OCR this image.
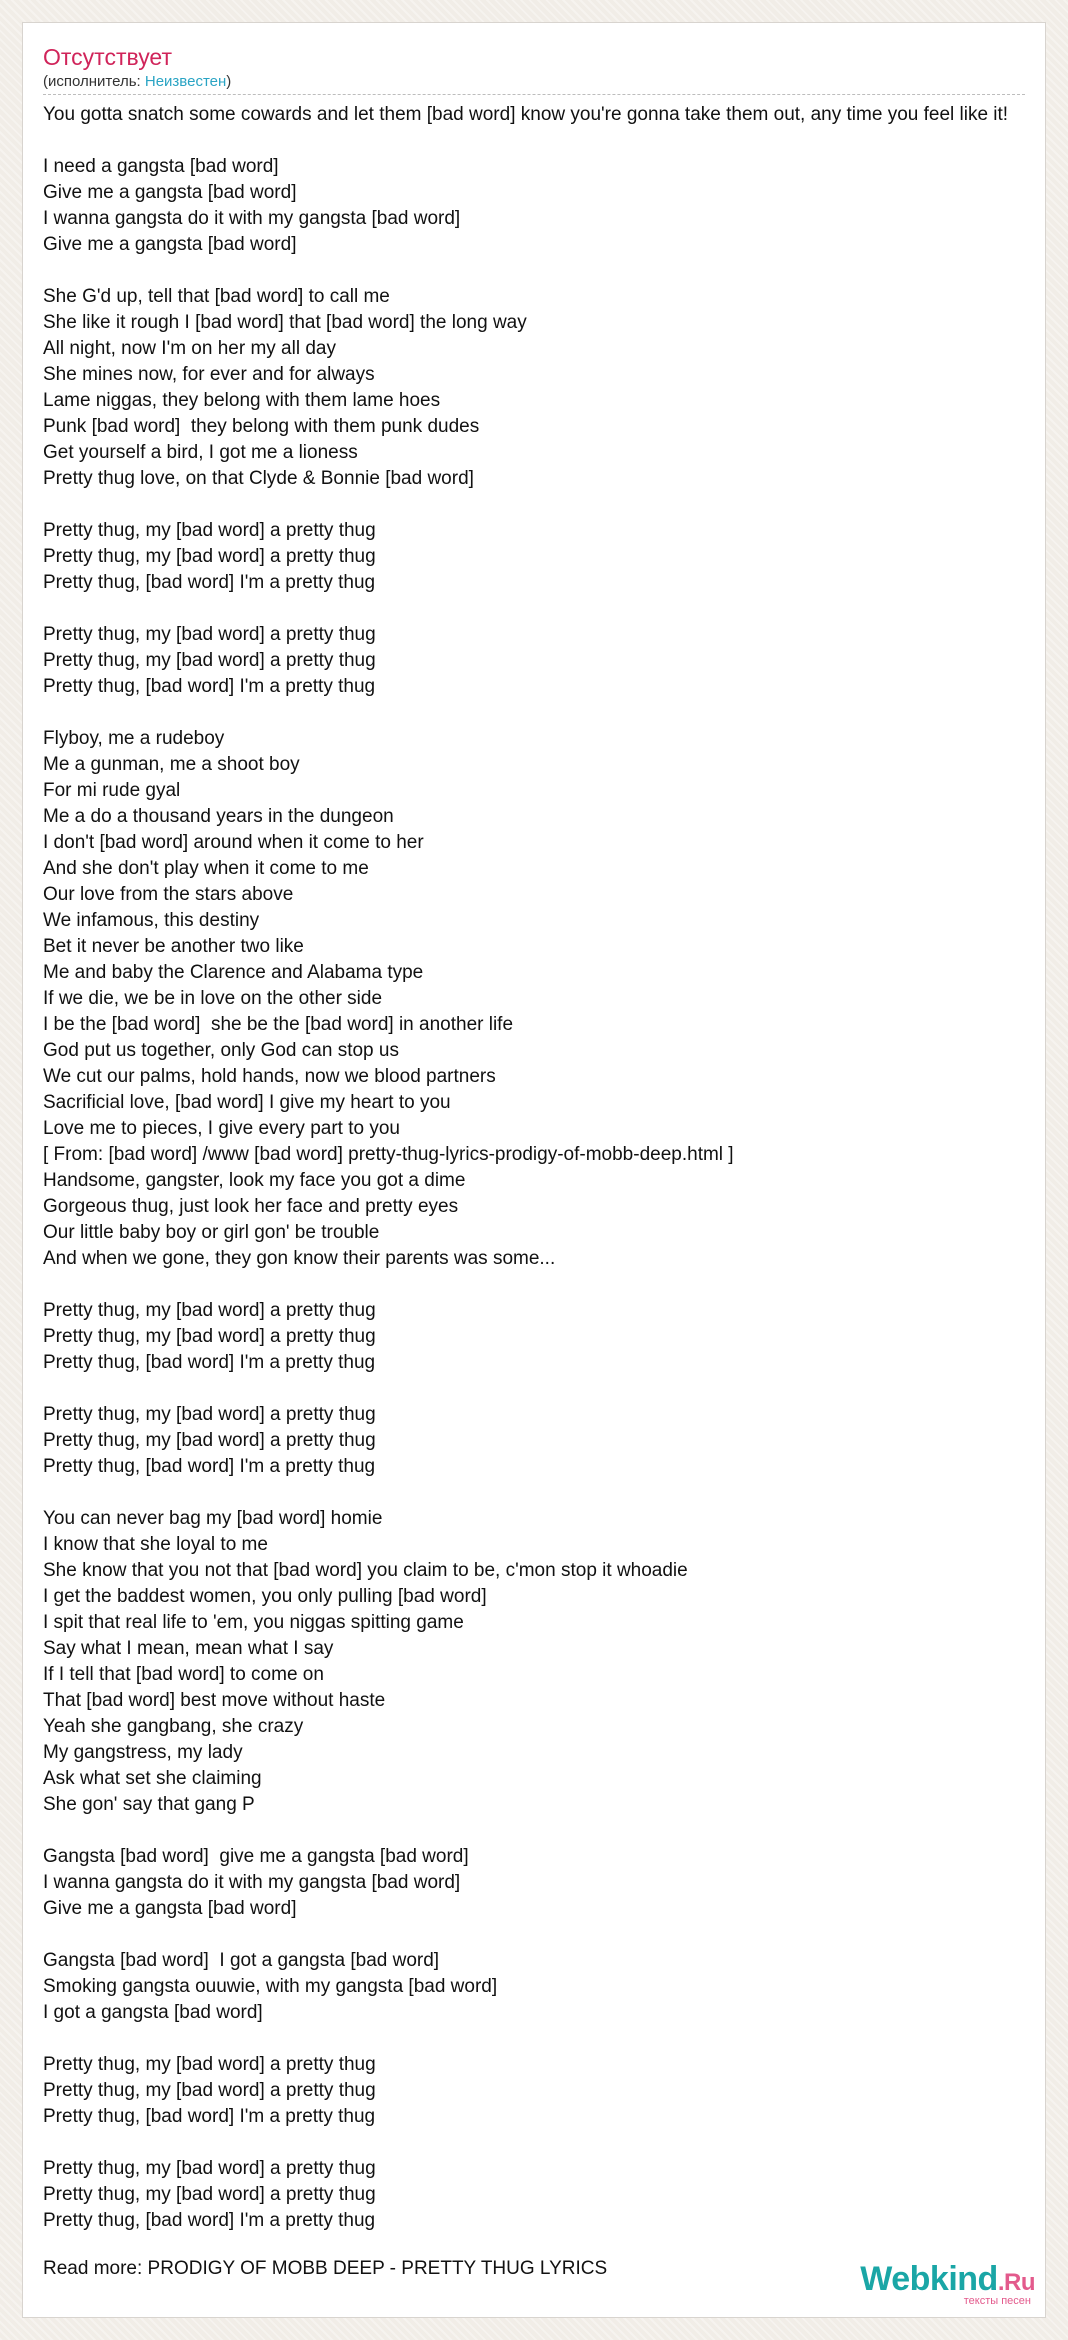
Отсутствует
(исполнитель: Неизвестен)
You gotta snatch some cowards and let them [bad word] know you're gonna take them out, any time you feel like it!
I need a gangsta [bad word]
Give me a gangsta [bad word]
I wanna gangsta do it with my gangsta [bad word]
Give me a gangsta [bad word]
She G'd up, tell that [bad word] to call me
She like it rough I [bad word] that [bad word] the long way
All night, now I'm on her my all day
She mines now, for ever and for always
Lame niggas, they belong with them lame hoes
Punk [bad word]  they belong with them punk dudes
Get yourself a bird, I got me a lioness
Pretty thug love, on that Clyde & Bonnie [bad word]
Pretty thug, my [bad word] a pretty thug
Pretty thug, my [bad word] a pretty thug
Pretty thug, [bad word] I'm a pretty thug
Pretty thug, my [bad word] a pretty thug
Pretty thug, my [bad word] a pretty thug
Pretty thug, [bad word] I'm a pretty thug
Flyboy, me a rudeboy
Me a gunman, me a shoot boy
For mi rude gyal
Me a do a thousand years in the dungeon
I don't [bad word] around when it come to her
And she don't play when it come to me
Our love from the stars above
We infamous, this destiny
Bet it never be another two like
Me and baby the Clarence and Alabama type
If we die, we be in love on the other side
I be the [bad word]  she be the [bad word] in another life
God put us together, only God can stop us
We cut our palms, hold hands, now we blood partners
Sacrificial love, [bad word] I give my heart to you
Love me to pieces, I give every part to you
[ From: [bad word] /www [bad word] pretty-thug-lyrics-prodigy-of-mobb-deep.html ]
Handsome, gangster, look my face you got a dime
Gorgeous thug, just look her face and pretty eyes
Our little baby boy or girl gon' be trouble
And when we gone, they gon know their parents was some...
Pretty thug, my [bad word] a pretty thug
Pretty thug, my [bad word] a pretty thug
Pretty thug, [bad word] I'm a pretty thug
Pretty thug, my [bad word] a pretty thug
Pretty thug, my [bad word] a pretty thug
Pretty thug, [bad word] I'm a pretty thug
You can never bag my [bad word] homie
I know that she loyal to me
She know that you not that [bad word] you claim to be, c'mon stop it whoadie
I get the baddest women, you only pulling [bad word]
I spit that real life to 'em, you niggas spitting game
Say what I mean, mean what I say
If I tell that [bad word] to come on
That [bad word] best move without haste
Yeah she gangbang, she crazy
My gangstress, my lady
Ask what set she claiming
She gon' say that gang P
Gangsta [bad word]  give me a gangsta [bad word]
I wanna gangsta do it with my gangsta [bad word]
Give me a gangsta [bad word]
Gangsta [bad word]  I got a gangsta [bad word]
Smoking gangsta ouuwie, with my gangsta [bad word]
I got a gangsta [bad word]
Pretty thug, my [bad word] a pretty thug
Pretty thug, my [bad word] a pretty thug
Pretty thug, [bad word] I'm a pretty thug
Pretty thug, my [bad word] a pretty thug
Pretty thug, my [bad word] a pretty thug
Pretty thug, [bad word] I'm a pretty thug
Read more: PRODIGY OF MOBB DEEP - PRETTY THUG LYRICS	Webkind.Ru
тексты песен
